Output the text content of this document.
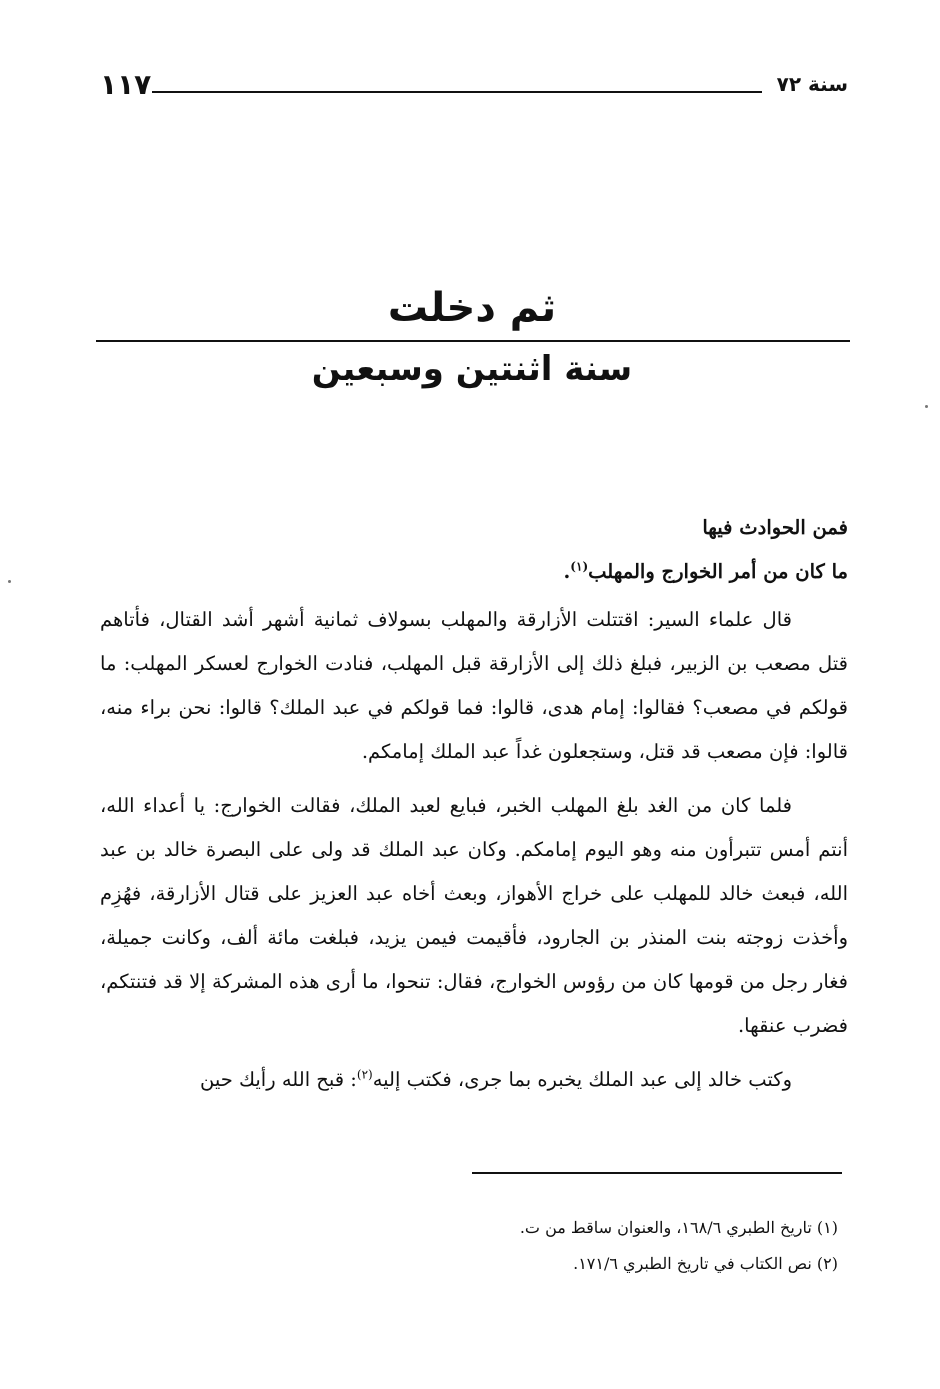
سنة ٧٢
١١٧
ثم دخلت
سنة اثنتين وسبعين

فمن الحوادث فيها

ما كان من أمر الخوارج والمهلب$^{(١)}$.

قال علماء السير: اقتتلت الأزارقة والمهلب بسولاف ثمانية أشهر أشد القتال، فأتاهم قتل مصعب بن الزبير، فبلغ ذلك إلى الأزارقة قبل المهلب، فنادت الخوارج لعسكر المهلب: ما قولكم في مصعب؟ فقالوا: إمام هدى، قالوا: فما قولكم في عبد الملك؟ قالوا: نحن براء منه، قالوا: فإن مصعب قد قتل، وستجعلون غداً عبد الملك إمامكم.

فلما كان من الغد بلغ المهلب الخبر، فبايع لعبد الملك، فقالت الخوارج: يا أعداء الله، أنتم أمس تتبرأون منه وهو اليوم إمامكم. وكان عبد الملك قد ولى على البصرة خالد بن عبد الله، فبعث خالد للمهلب على خراج الأهواز، وبعث أخاه عبد العزيز على قتال الأزارقة، فهُزِم وأخذت زوجته بنت المنذر بن الجارود، فأقيمت فيمن يزيد، فبلغت مائة ألف، وكانت جميلة، فغار رجل من قومها كان من رؤوس الخوارج، فقال: تنحوا، ما أرى هذه المشركة إلا قد فتنتكم، فضرب عنقها.

وكتب خالد إلى عبد الملك يخبره بما جرى، فكتب إليه$^{(٢)}$: قبح الله رأيك حين

(١) تاريخ الطبري ١٦٨/٦، والعنوان ساقط من ت.

(٢) نص الكتاب في تاريخ الطبري ١٧١/٦.
